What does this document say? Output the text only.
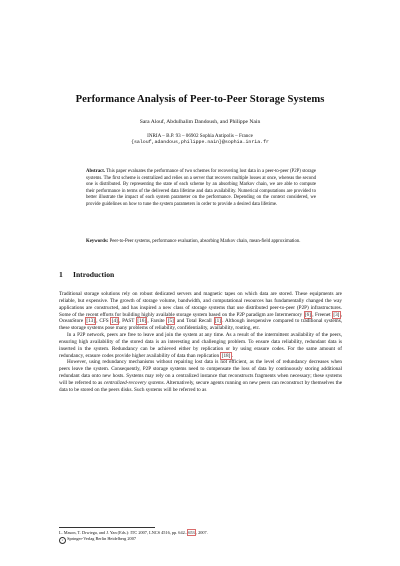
Performance Analysis of Peer-to-Peer Storage Systems
Sara Alouf, Abdulhalim Dandoush, and Philippe Nain
INRIA – B.P. 93 – 06902 Sophia Antipolis – France
{salouf,adandous,philippe.nain}@sophia.inria.fr
Abstract. This paper evaluates the performance of two schemes for recovering lost data in a peer-to-peer (P2P) storage systems. The first scheme is centralized and relies on a server that recovers multiple losses at once, whereas the second one is distributed. By representing the state of each scheme by an absorbing Markov chain, we are able to compute their performance in terms of the delivered data lifetime and data availability. Numerical computations are provided to better illustrate the impact of each system parameter on the performance. Depending on the context considered, we provide guidelines on how to tune the system parameters in order to provide a desired data lifetime.
Keywords: Peer-to-Peer systems, performance evaluation, absorbing Markov chain, mean-field approximation.
1 Introduction

Traditional storage solutions rely on robust dedicated servers and magnetic tapes on which data are stored. These equipments are reliable, but expensive. The growth of storage volume, bandwidth, and computational resources has fundamentally changed the way applications are constructed, and has inspired a new class of storage systems that use distributed peer-to-peer (P2P) infrastructures. Some of the recent efforts for building highly available storage system based on the P2P paradigm are Intermemory [6], Freenet [3], OceanStore [13], CFS [4], PAST [16], Farsite [5] and Total Recall [1]. Although inexpensive compared to traditional systems, these storage systems pose many problems of reliability, confidentiality, availability, routing, etc.

In a P2P network, peers are free to leave and join the system at any time. As a result of the intermittent availability of the peers, ensuring high availability of the stored data is an interesting and challenging problem. To ensure data reliability, redundant data is inserted in the system. Redundancy can be achieved either by replication or by using erasure codes. For the same amount of redundancy, erasure codes provide higher availability of data than replication [18].

However, using redundancy mechanisms without repairing lost data is not efficient, as the level of redundancy decreases when peers leave the system. Consequently, P2P storage systems need to compensate the loss of data by continuously storing additional redundant data onto new hosts. Systems may rely on a centralized instance that reconstructs fragments when necessary; these systems will be referred to as centralized-recovery systems. Alternatively, secure agents running on new peers can reconstruct by themselves the data to be stored on the peers disks. Such systems will be referred to as

L. Mason, T. Drwiega, and J. Yan (Eds.): ITC 2007, LNCS 4516, pp. 642–653, 2007.
c Springer-Verlag Berlin Heidelberg 2007
